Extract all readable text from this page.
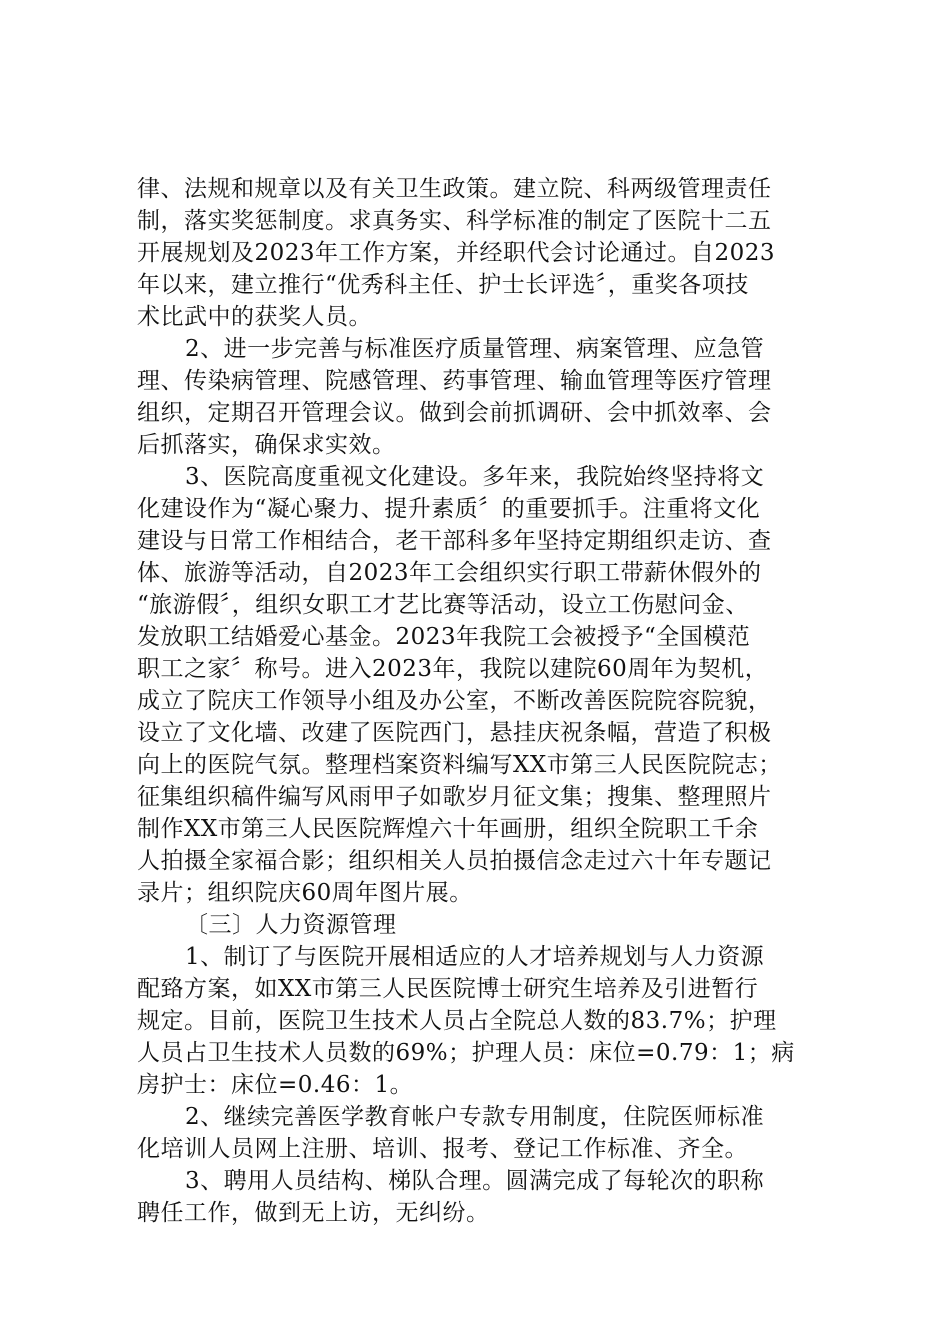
律、法规和规章以及有关卫生政策。建立院、科两级管理责任
制，落实奖惩制度。求真务实、科学标准的制定了医院十二五
开展规划及2023年工作方案，并经职代会讨论通过。自2023
年以来，建立推行“优秀科主任、护士长评选〞，重奖各项技
术比武中的获奖人员。
2、进一步完善与标准医疗质量管理、病案管理、应急管
理、传染病管理、院感管理、药事管理、输血管理等医疗管理
组织，定期召开管理会议。做到会前抓调研、会中抓效率、会
后抓落实，确保求实效。
3、医院高度重视文化建设。多年来，我院始终坚持将文
化建设作为“凝心聚力、提升素质〞的重要抓手。注重将文化
建设与日常工作相结合，老干部科多年坚持定期组织走访、查
体、旅游等活动，自2023年工会组织实行职工带薪休假外的
“旅游假〞，组织女职工才艺比赛等活动，设立工伤慰问金、
发放职工结婚爱心基金。2023年我院工会被授予“全国模范
职工之家〞称号。进入2023年，我院以建院60周年为契机，
成立了院庆工作领导小组及办公室，不断改善医院院容院貌，
设立了文化墙、改建了医院西门，悬挂庆祝条幅，营造了积极
向上的医院气氛。整理档案资料编写XX市第三人民医院院志；
征集组织稿件编写风雨甲子如歌岁月征文集；搜集、整理照片
制作XX市第三人民医院辉煌六十年画册，组织全院职工千余
人拍摄全家福合影；组织相关人员拍摄信念走过六十年专题记
录片；组织院庆60周年图片展。
〔三〕人力资源管理
1、制订了与医院开展相适应的人才培养规划与人力资源
配臵方案，如XX市第三人民医院博士研究生培养及引进暂行
规定。目前，医院卫生技术人员占全院总人数的83.7%；护理
人员占卫生技术人员数的69%；护理人员：床位=0.79：1；病
房护士：床位=0.46：1。
2、继续完善医学教育帐户专款专用制度，住院医师标准
化培训人员网上注册、培训、报考、登记工作标准、齐全。
3、聘用人员结构、梯队合理。圆满完成了每轮次的职称
聘任工作，做到无上访，无纠纷。
